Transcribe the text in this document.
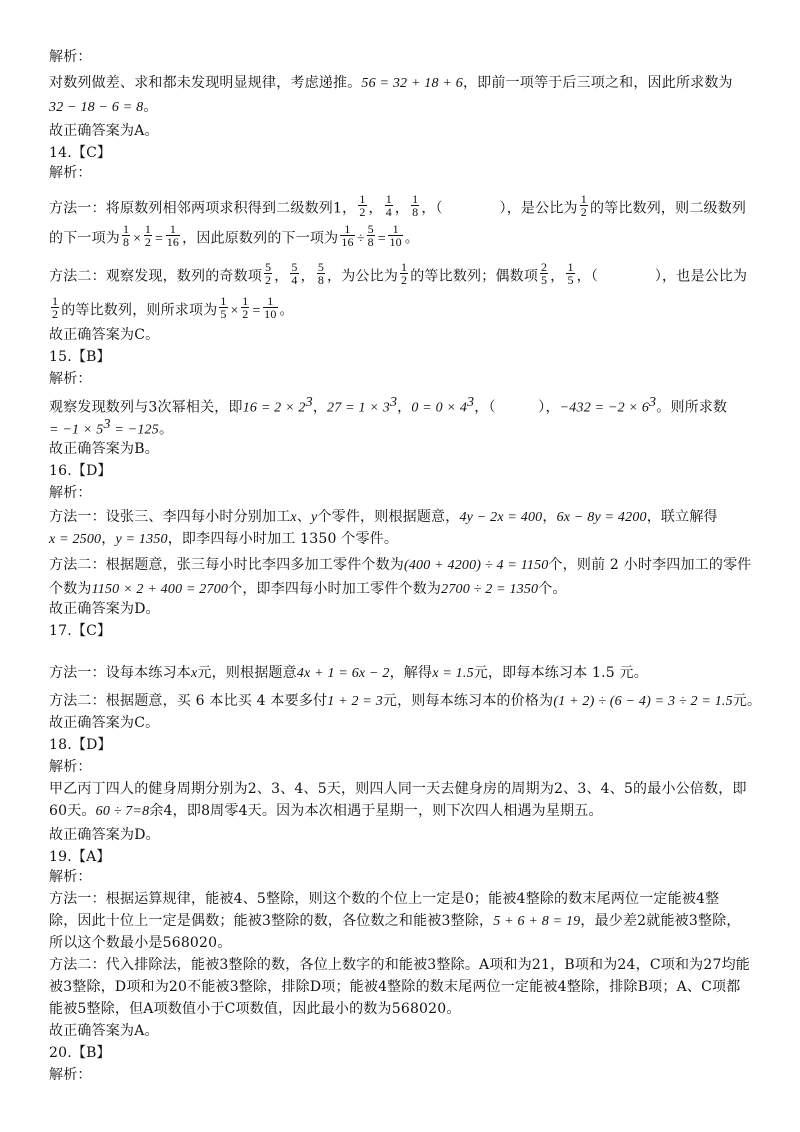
解析：
对数列做差、求和都未发现明显规律，考虑递推。56 = 32 + 18 + 6，即前一项等于后三项之和，因此所求数为
32 − 18 − 6 = 8。
故正确答案为A。
14.【C】
解析：
方法一：将原数列相邻两项求积得到二级数列1， $\frac{1}{2}$ ， $\frac{1}{4}$ ， $\frac{1}{8}$ ，（　　　　），是公比为 $\frac{1}{2}$ 的等比数列，则二级数列
的下一项为 $\frac{1}{8} \times \frac{1}{2} = \frac{1}{16}$ ，因此原数列的下一项为 $\frac{1}{16} \div \frac{5}{8} = \frac{1}{10}$ 。
方法二：观察发现，数列的奇数项 $\frac{5}{2}$ ， $\frac{5}{4}$ ， $\frac{5}{8}$ ，为公比为 $\frac{1}{2}$ 的等比数列；偶数项 $\frac{2}{5}$ ， $\frac{1}{5}$ ，（　　　　），也是公比为
$\frac{1}{2}$ 的等比数列，则所求项为 $\frac{1}{5} \times \frac{1}{2} = \frac{1}{10}$ 。
故正确答案为C。
15.【B】
解析：
观察发现数列与3次幂相关，即$16 = 2 \times 2^3$，$27 = 1 \times 3^3$，$0 = 0 \times 4^3$，（　　　），$-432 = -2 \times 6^3$。则所求数
= $-1 \times 5^3 = -125$。
故正确答案为B。
16.【D】
解析：
方法一：设张三、李四每小时分别加工x、y个零件，则根据题意，4y − 2x = 400，6x − 8y = 4200，联立解得
x = 2500，y = 1350，即李四每小时加工 1350 个零件。
方法二：根据题意，张三每小时比李四多加工零件个数为(400 + 4200) ÷ 4 = 1150个，则前 2 小时李四加工的零件
个数为1150 × 2 + 400 = 2700个，即李四每小时加工零件个数为2700 ÷ 2 = 1350个。
故正确答案为D。
17.【C】
方法一：设每本练习本x元，则根据题意4x + 1 = 6x − 2，解得x = 1.5元，即每本练习本 1.5 元。
方法二：根据题意，买 6 本比买 4 本要多付1 + 2 = 3元，则每本练习本的价格为(1 + 2) ÷ (6 − 4) = 3 ÷ 2 = 1.5元。
故正确答案为C。
18.【D】
解析：
甲乙丙丁四人的健身周期分别为2、3、4、5天，则四人同一天去健身房的周期为2、3、4、5的最小公倍数，即
60天。60 ÷ 7=8余4，即8周零4天。因为本次相遇于星期一，则下次四人相遇为星期五。
故正确答案为D。
19.【A】
解析：
方法一：根据运算规律，能被4、5整除，则这个数的个位上一定是0；能被4整除的数末尾两位一定能被4整
除，因此十位上一定是偶数；能被3整除的数，各位数之和能被3整除，5 + 6 + 8 = 19，最少差2就能被3整除，
所以这个数最小是568020。
方法二：代入排除法，能被3整除的数，各位上数字的和能被3整除。A项和为21，B项和为24，C项和为27均能
被3整除，D项和为20不能被3整除，排除D项；能被4整除的数末尾两位一定能被4整除，排除B项；A、C项都
能被5整除，但A项数值小于C项数值，因此最小的数为568020。
故正确答案为A。
20.【B】
解析：
